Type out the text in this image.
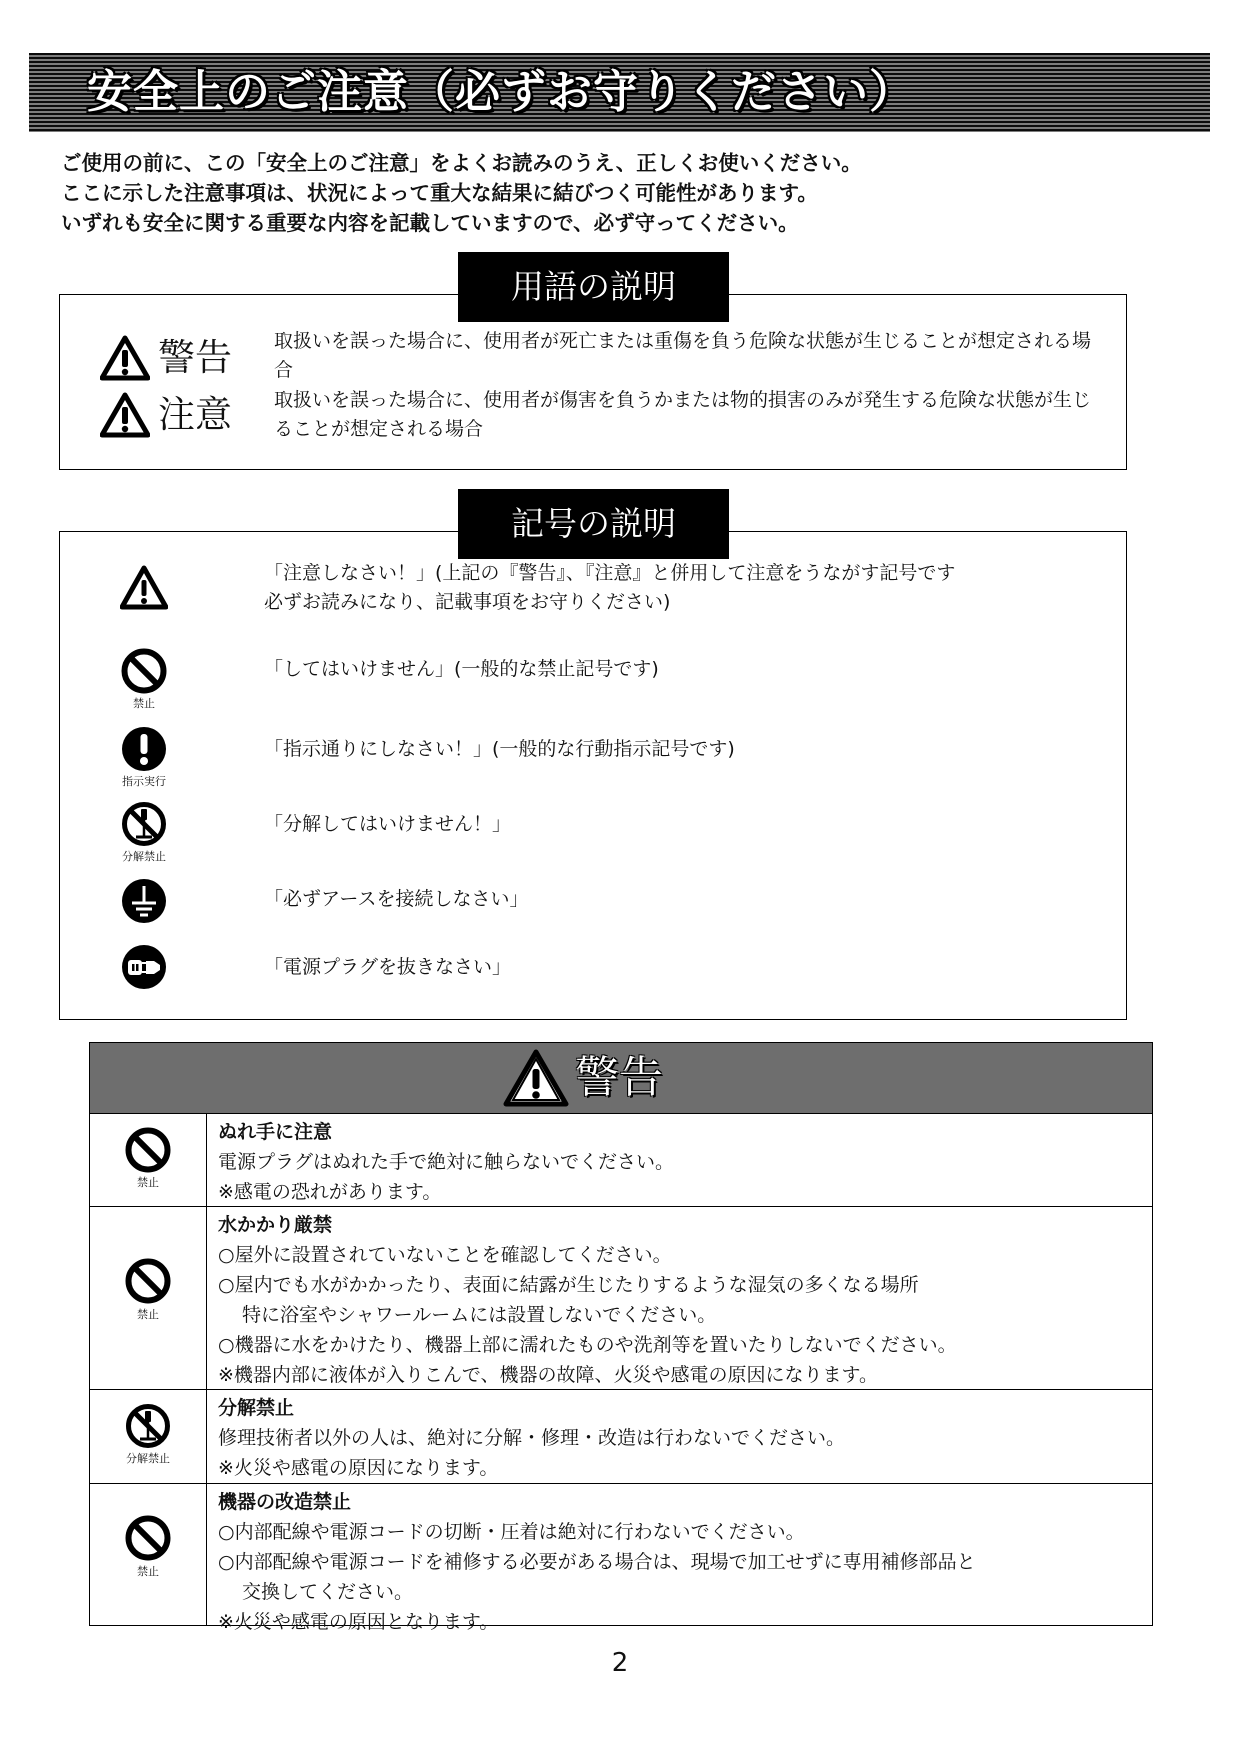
安全上のご注意（必ずお守りください）
ご使用の前に、この「安全上のご注意」をよくお読みのうえ、正しくお使いください。
ここに示した注意事項は、状況によって重大な結果に結びつく可能性があります。
いずれも安全に関する重要な内容を記載していますので、必ず守ってください。
警告 取扱いを誤った場合に、使用者が死亡または重傷を負う危険な状態が生じることが想定される場合
注意 取扱いを誤った場合に、使用者が傷害を負うかまたは物的損害のみが発生する危険な状態が生じることが想定される場合
用語の説明
「注意しなさい！」(上記の『警告』、『注意』と併用して注意をうながす記号です
必ずお読みになり、記載事項をお守りください)
禁止
「してはいけません」(一般的な禁止記号です)
指示実行
「指示通りにしなさい！」(一般的な行動指示記号です)
分解禁止
「分解してはいけません！」
「必ずアースを接続しなさい」
「電源プラグを抜きなさい」
記号の説明
警告
禁止
ぬれ手に注意
電源プラグはぬれた手で絶対に触らないでください。
※感電の恐れがあります。
禁止
水かかり厳禁
○屋外に設置されていないことを確認してください。
○屋内でも水がかかったり、表面に結露が生じたりするような湿気の多くなる場所
特に浴室やシャワールームには設置しないでください。
○機器に水をかけたり、機器上部に濡れたものや洗剤等を置いたりしないでください。
※機器内部に液体が入りこんで、機器の故障、火災や感電の原因になります。
分解禁止
分解禁止
修理技術者以外の人は、絶対に分解・修理・改造は行わないでください。
※火災や感電の原因になります。
禁止
機器の改造禁止
○内部配線や電源コードの切断・圧着は絶対に行わないでください。
○内部配線や電源コードを補修する必要がある場合は、現場で加工せずに専用補修部品と
交換してください。
※火災や感電の原因となります。
2
